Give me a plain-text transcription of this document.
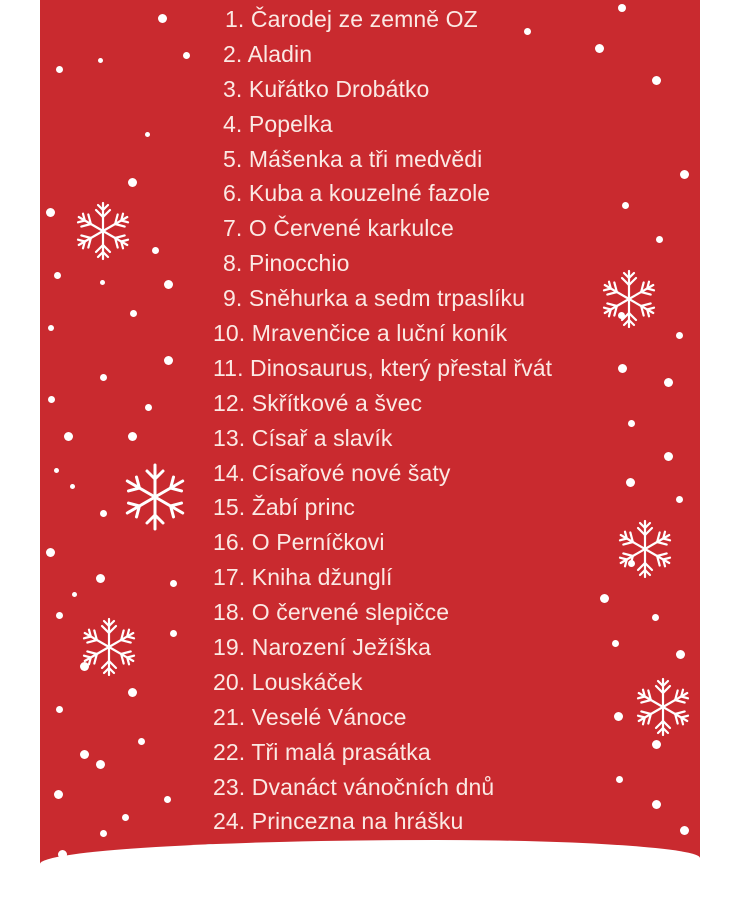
1. Čarodej ze zemně OZ
2. Aladin
3. Kuřátko Drobátko
4. Popelka
5. Mášenka a tři medvědi
6. Kuba a kouzelné fazole
7. O Červené karkulce
8. Pinocchio
9. Sněhurka a sedm trpaslíku
10. Mravenčice a luční koník
11. Dinosaurus, který přestal řvát
12. Skřítkové a švec
13. Císař a slavík
14. Císařové nové šaty
15. Žabí princ
16. O Perníčkovi
17. Kniha džunglí
18. O červené slepičce
19. Narození Ježíška
20. Louskáček
21. Veselé Vánoce
22. Tři malá prasátka
23. Dvanáct vánočních dnů
24. Princezna na hrášku
